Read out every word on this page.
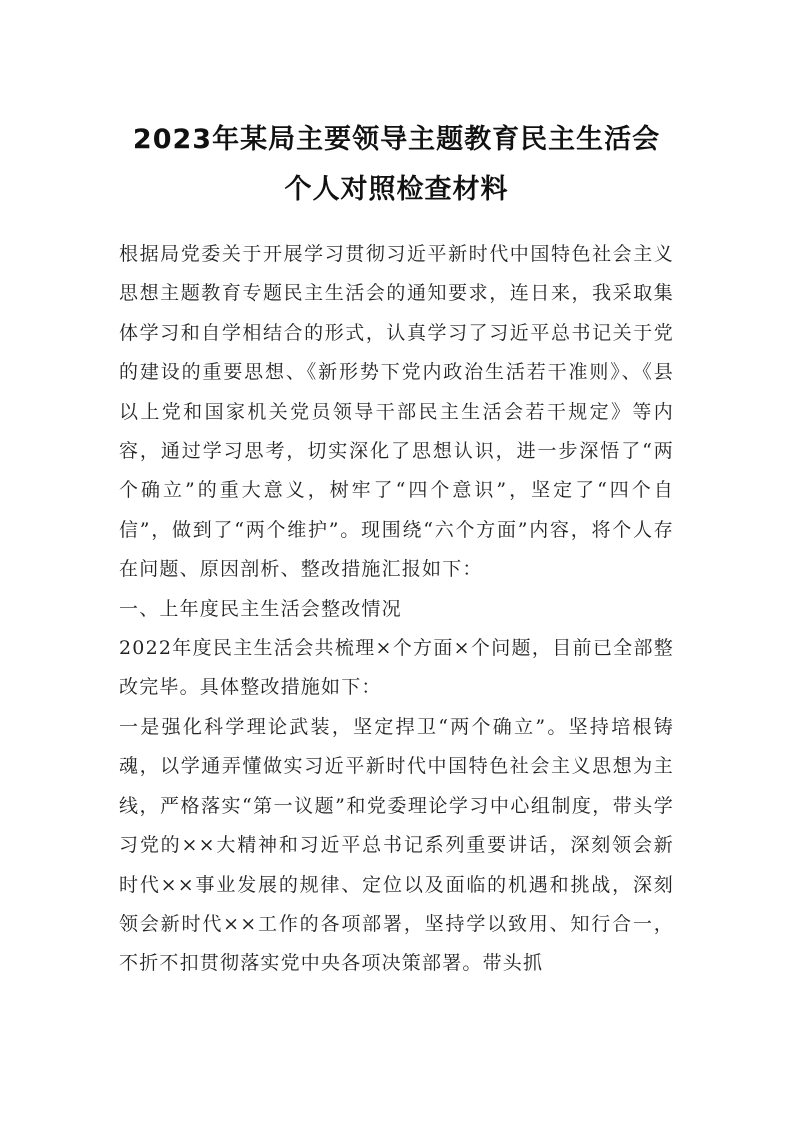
2023年某局主要领导主题教育民主生活会
个人对照检查材料

根据局党委关于开展学习贯彻习近平新时代中国特色社会主义思想主题教育专题民主生活会的通知要求，连日来，我采取集体学习和自学相结合的形式，认真学习了习近平总书记关于党的建设的重要思想、《新形势下党内政治生活若干准则》、《县以上党和国家机关党员领导干部民主生活会若干规定》等内容，通过学习思考，切实深化了思想认识，进一步深悟了“两个确立”的重大意义，树牢了“四个意识”，坚定了“四个自信”，做到了“两个维护”。现围绕“六个方面”内容，将个人存在问题、原因剖析、整改措施汇报如下：

一、上年度民主生活会整改情况

2022年度民主生活会共梳理×个方面×个问题，目前已全部整改完毕。具体整改措施如下：

一是强化科学理论武装，坚定捍卫“两个确立”。坚持培根铸魂，以学通弄懂做实习近平新时代中国特色社会主义思想为主线，严格落实“第一议题”和党委理论学习中心组制度，带头学习党的××大精神和习近平总书记系列重要讲话，深刻领会新时代××事业发展的规律、定位以及面临的机遇和挑战，深刻领会新时代××工作的各项部署，坚持学以致用、知行合一，不折不扣贯彻落实党中央各项决策部署。带头抓
